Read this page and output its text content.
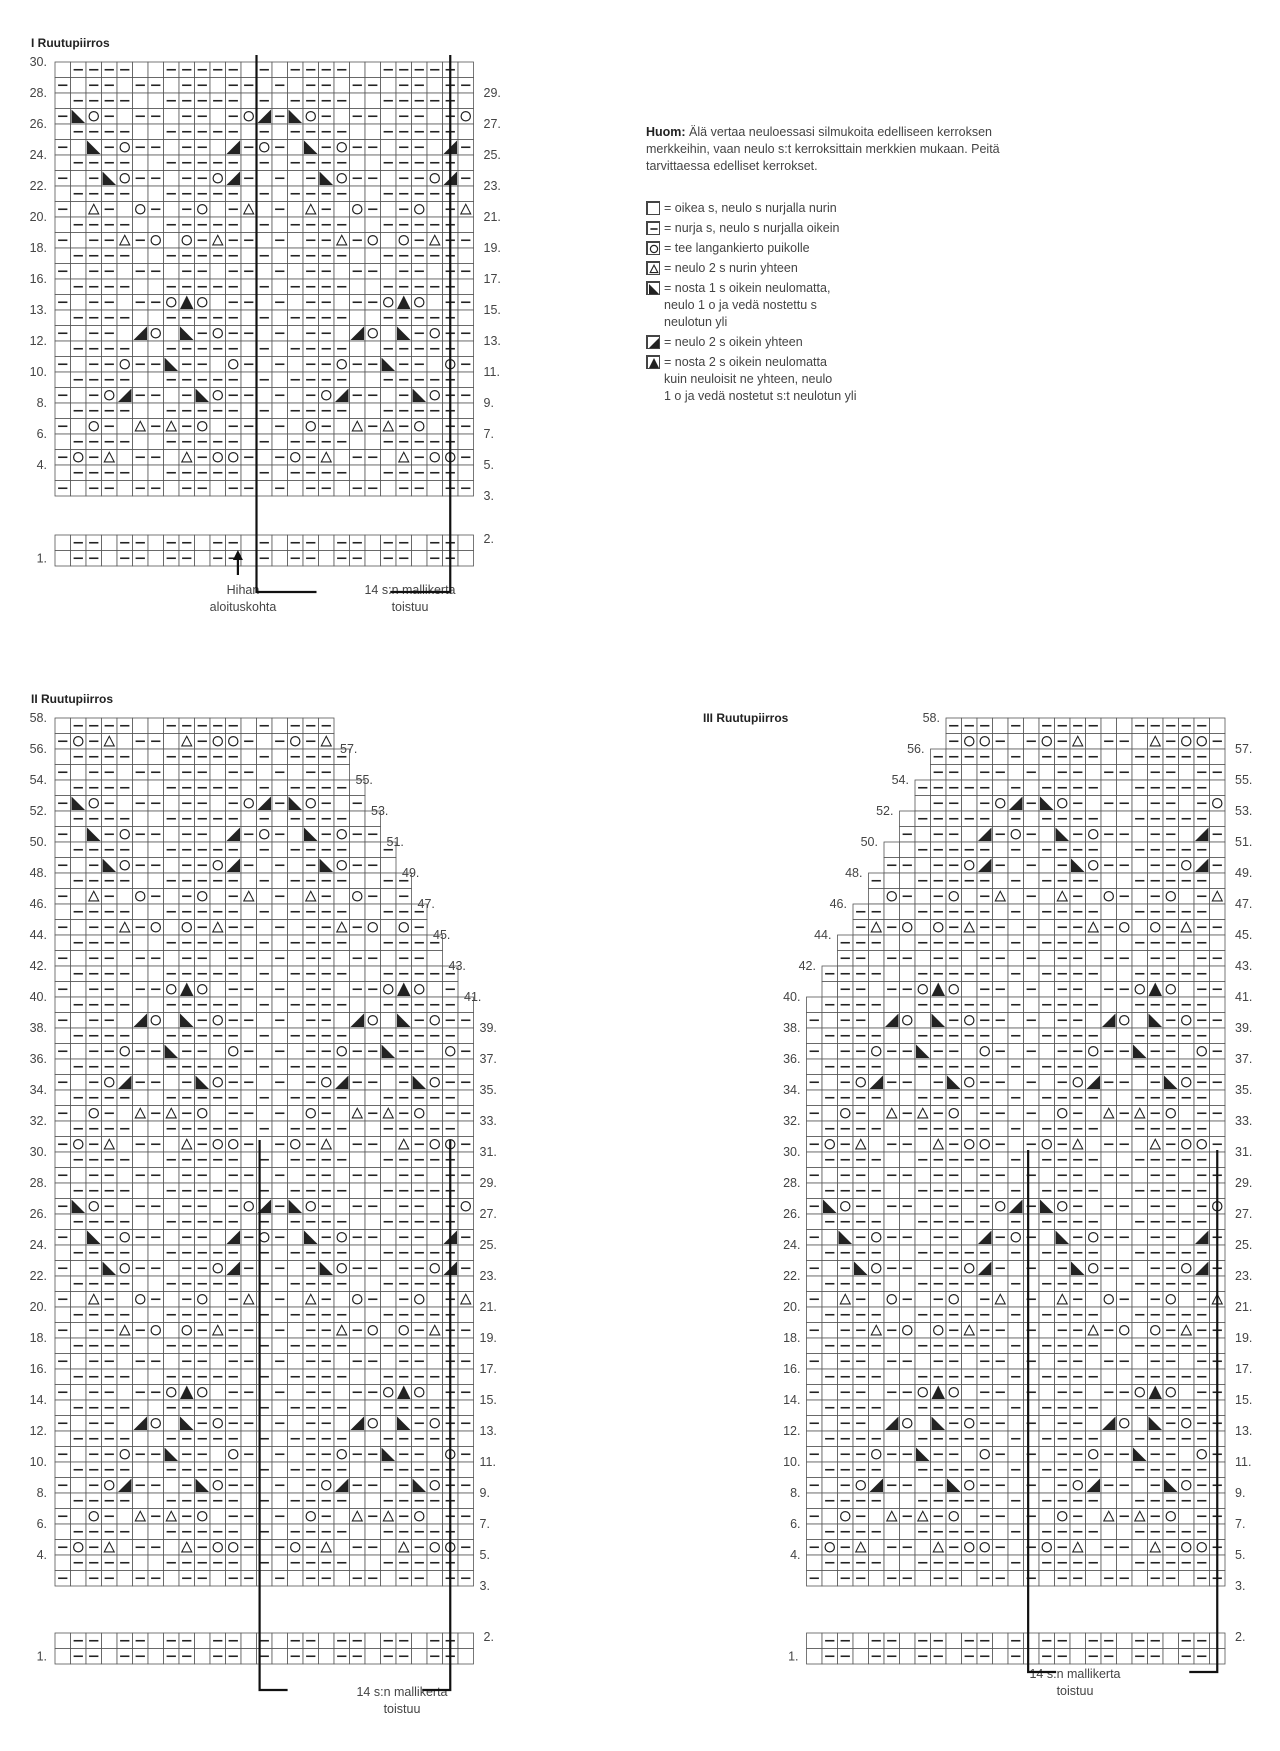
I Ruutupiirros
II Ruutupiirros
III Ruutupiirros
Huom: Älä vertaa neuloessasi silmukoita edelliseen kerroksen merkkeihin, vaan neulo s:t kerroksittain merkkien mukaan. Peitä tarvittaessa edelliset kerrokset.
= oikea s, neulo s nurjalla nurin
= nurja s, neulo s nurjalla oikein
= tee langankierto puikolle
= neulo 2 s nurin yhteen
= nosta 1 s oikein neulomatta,
neulo 1 o ja vedä nostettu s
neulotun yli
= neulo 2 s oikein yhteen
= nosta 2 s oikein neulomatta
kuin neuloisit ne yhteen, neulo
1 o ja vedä nostetut s:t neulotun yli
Hihan
aloituskohta
14 s:n mallikerta
toistuu
14 s:n mallikerta
toistuu
14 s:n mallikerta
toistuu
30.
29.
28.
27.
26.
25.
24.
23.
22.
21.
20.
19.
18.
17.
16.
15.
13.
13.
12.
11.
10.
9.
8.
7.
6.
5.
4.
3.
1.
2.
58.
57.
56.
55.
54.
53.
52.
51.
50.
49.
48.
47.
46.
45.
44.
43.
42.
41.
40.
39.
38.
37.
36.
35.
34.
33.
32.
31.
30.
29.
28.
27.
26.
25.
24.
23.
22.
21.
20.
19.
18.
17.
16.
15.
14.
13.
12.
11.
10.
9.
8.
7.
6.
5.
4.
3.
1.
2.
58.
57.
56.
55.
54.
53.
52.
51.
50.
49.
48.
47.
46.
45.
44.
43.
42.
41.
40.
39.
38.
37.
36.
35.
34.
33.
32.
31.
30.
29.
28.
27.
26.
25.
24.
23.
22.
21.
20.
19.
18.
17.
16.
15.
14.
13.
12.
11.
10.
9.
8.
7.
6.
5.
4.
3.
1.
2.
